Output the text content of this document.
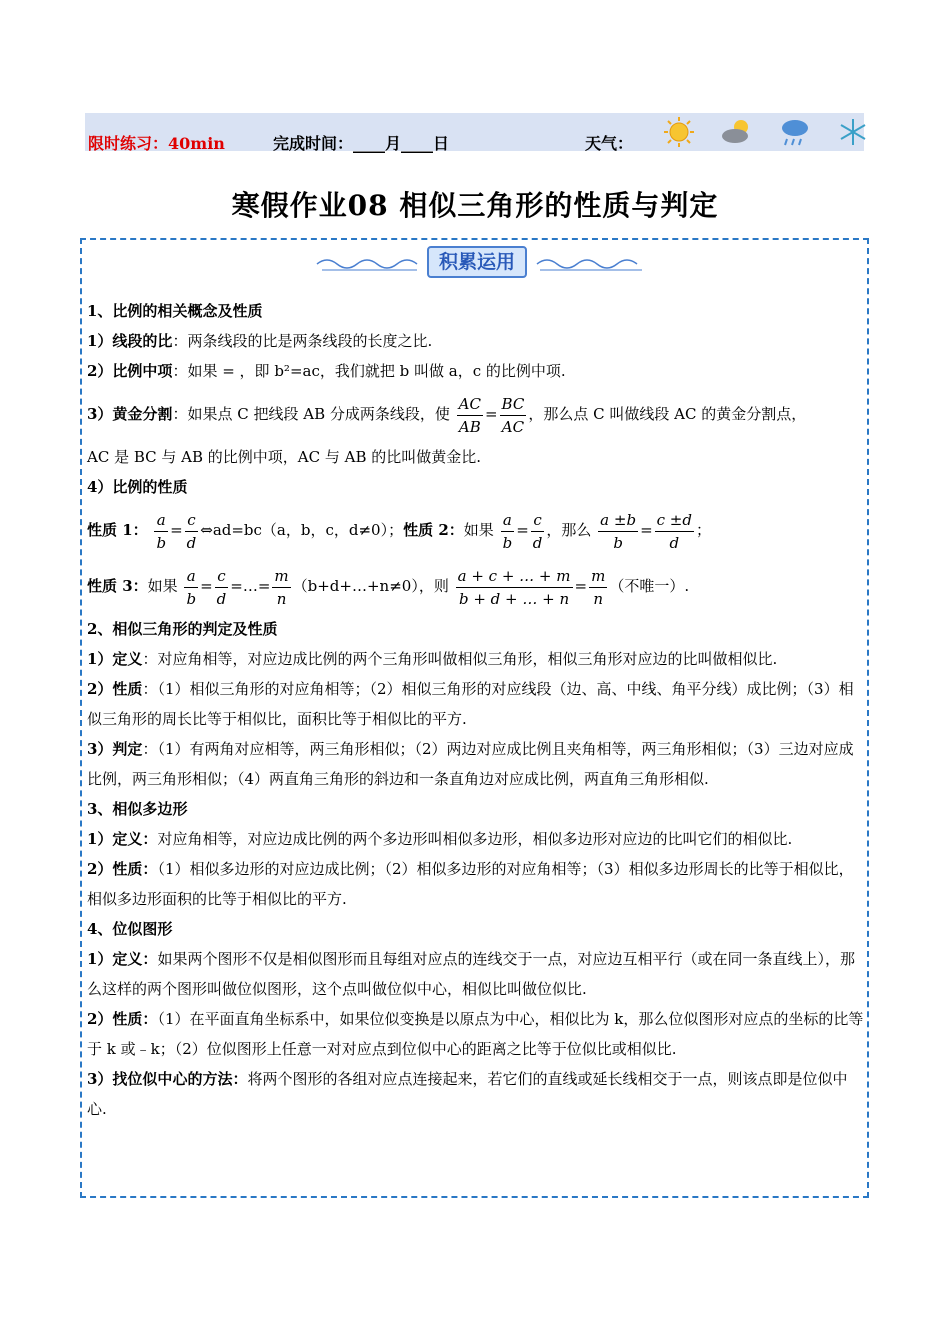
限时练习：40min	完成时间：____月____日	天气：
寒假作业08 相似三角形的性质与判定
积累运用

1、比例的相关概念及性质

1）线段的比：两条线段的比是两条线段的长度之比.

2）比例中项：如果 = ，即 b²=ac，我们就把 b 叫做 a，c 的比例中项.

3）黄金分割：如果点 C 把线段 AB 分成两条线段，使 $\frac{AC}{AB} = \frac{BC}{AC}$ ，那么点 C 叫做线段 AC 的黄金分割点，

AC 是 BC 与 AB 的比例中项，AC 与 AB 的比叫做黄金比.

4）比例的性质

性质 1： $\frac{a}{b} = \frac{c}{d}$ ⇔ad=bc（a，b，c，d≠0）；性质 2：如果 $\frac{a}{b} = \frac{c}{d}$ ，那么 $\frac{a \pm b}{b} = \frac{c \pm d}{d}$ ；

性质 3：如果 $\frac{a}{b} = \frac{c}{d}$ =…= $\frac{m}{n}$ （b+d+…+n≠0），则 $\frac{a + c + \dots + m}{b + d + \dots + n} = \frac{m}{n}$ （不唯一）.

2、相似三角形的判定及性质

1）定义：对应角相等，对应边成比例的两个三角形叫做相似三角形，相似三角形对应边的比叫做相似比.

2）性质：（1）相似三角形的对应角相等；（2）相似三角形的对应线段（边、高、中线、角平分线）成比例；（3）相似三角形的周长比等于相似比，面积比等于相似比的平方.

3）判定：（1）有两角对应相等，两三角形相似；（2）两边对应成比例且夹角相等，两三角形相似；（3）三边对应成比例，两三角形相似；（4）两直角三角形的斜边和一条直角边对应成比例，两直角三角形相似.

3、相似多边形

1）定义：对应角相等，对应边成比例的两个多边形叫相似多边形，相似多边形对应边的比叫它们的相似比.

2）性质：（1）相似多边形的对应边成比例；（2）相似多边形的对应角相等；（3）相似多边形周长的比等于相似比，相似多边形面积的比等于相似比的平方.

4、位似图形

1）定义：如果两个图形不仅是相似图形而且每组对应点的连线交于一点，对应边互相平行（或在同一条直线上），那么这样的两个图形叫做位似图形，这个点叫做位似中心，相似比叫做位似比.

2）性质：（1）在平面直角坐标系中，如果位似变换是以原点为中心，相似比为 k，那么位似图形对应点的坐标的比等于 k 或﹣k；（2）位似图形上任意一对对应点到位似中心的距离之比等于位似比或相似比.

3）找位似中心的方法：将两个图形的各组对应点连接起来，若它们的直线或延长线相交于一点，则该点即是位似中心.
